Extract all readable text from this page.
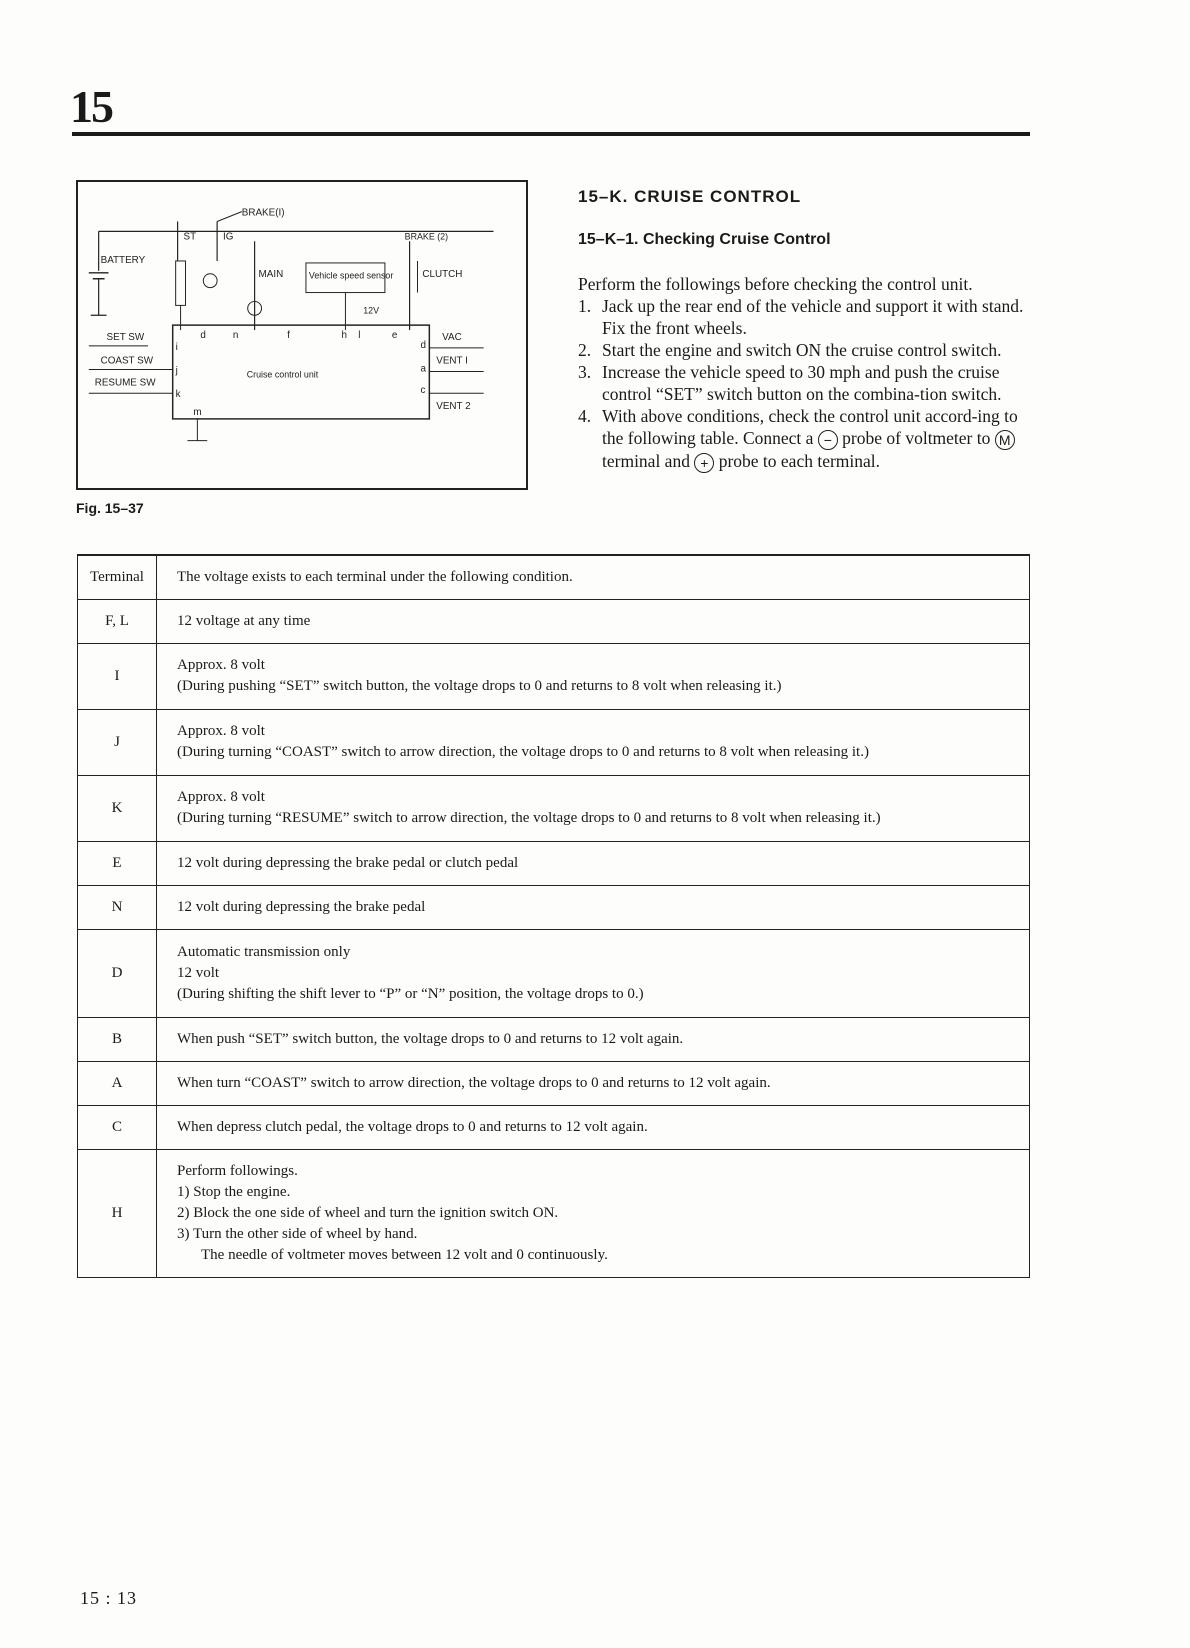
15
BATTERY
ST	IG
BRAKE(I)
MAIN	Vehicle speed sensor
12V
BRAKE (2)
CLUTCH
SET SW
COAST SW
RESUME SW
Cruise control unit
d	n	f	h l	e
i
j
k
m
d
a
c
VAC
VENT I
VENT 2
Fig. 15–37
15–K. CRUISE CONTROL
15–K–1. Checking Cruise Control
Perform the followings before checking the control unit.
1. Jack up the rear end of the vehicle and support it with stand. Fix the front wheels.
2. Start the engine and switch ON the cruise control switch.
3. Increase the vehicle speed to 30 mph and push the cruise control “SET” switch button on the combina-tion switch.
4. With above conditions, check the control unit accord-ing to the following table. Connect a − probe of voltmeter to M terminal and + probe to each terminal.
Terminal	The voltage exists to each terminal under the following condition.
F, L	12 voltage at any time

I	Approx. 8 volt
(During pushing “SET” switch button, the voltage drops to 0 and returns to 8 volt when releasing it.)

J	Approx. 8 volt
(During turning “COAST” switch to arrow direction, the voltage drops to 0 and returns to 8 volt when releasing it.)

K	Approx. 8 volt
(During turning “RESUME” switch to arrow direction, the voltage drops to 0 and returns to 8 volt when releasing it.)

E	12 volt during depressing the brake pedal or clutch pedal

N	12 volt during depressing the brake pedal

D	Automatic transmission only
12 volt
(During shifting the shift lever to “P” or “N” position, the voltage drops to 0.)

B	When push “SET” switch button, the voltage drops to 0 and returns to 12 volt again.

A	When turn “COAST” switch to arrow direction, the voltage drops to 0 and returns to 12 volt again.

C	When depress clutch pedal, the voltage drops to 0 and returns to 12 volt again.

H	Perform followings.
1) Stop the engine.
2) Block the one side of wheel and turn the ignition switch ON.
3) Turn the other side of wheel by hand.
The needle of voltmeter moves between 12 volt and 0 continuously.
15 : 13
